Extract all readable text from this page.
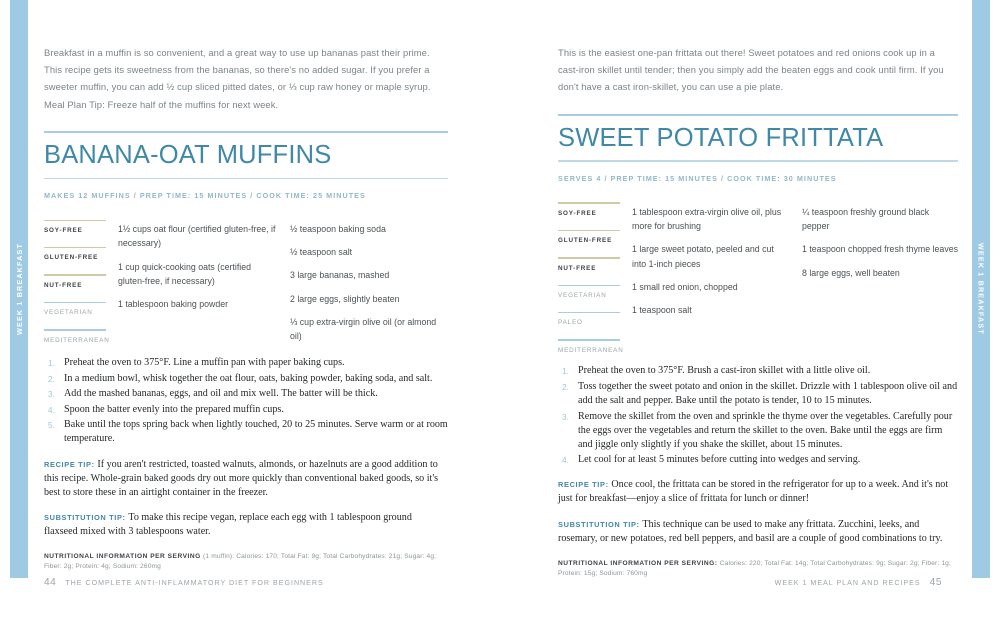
WEEK 1 BREAKFAST

Breakfast in a muffin is so convenient, and a great way to use up bananas past their prime. This recipe gets its sweetness from the bananas, so there's no added sugar. If you prefer a sweeter muffin, you can add ½ cup sliced pitted dates, or ⅓ cup raw honey or maple syrup. Meal Plan Tip: Freeze half of the muffins for next week.

BANANA-OAT MUFFINS

MAKES 12 MUFFINS / PREP TIME: 15 MINUTES / COOK TIME: 25 MINUTES

SOY-FREE
GLUTEN-FREE
NUT-FREE
VEGETARIAN
MEDITERRANEAN

1½ cups oat flour (certified gluten-free, if necessary)

1 cup quick-cooking oats (certified gluten-free, if necessary)

1 tablespoon baking powder

½ teaspoon baking soda

½ teaspoon salt

3 large bananas, mashed

2 large eggs, slightly beaten

⅓ cup extra-virgin olive oil (or almond oil)

Preheat the oven to 375°F. Line a muffin pan with paper baking cups.
In a medium bowl, whisk together the oat flour, oats, baking powder, baking soda, and salt.
Add the mashed bananas, eggs, and oil and mix well. The batter will be thick.
Spoon the batter evenly into the prepared muffin cups.
Bake until the tops spring back when lightly touched, 20 to 25 minutes. Serve warm or at room temperature.

RECIPE TIP: If you aren't restricted, toasted walnuts, almonds, or hazelnuts are a good addition to this recipe. Whole-grain baked goods dry out more quickly than conventional baked goods, so it's best to store these in an airtight container in the freezer.

SUBSTITUTION TIP: To make this recipe vegan, replace each egg with 1 tablespoon ground flaxseed mixed with 3 tablespoons water.

NUTRITIONAL INFORMATION PER SERVING (1 muffin): Calories: 170; Total Fat: 9g; Total Carbohydrates: 21g; Sugar: 4g; Fiber: 2g; Protein: 4g; Sodium: 260mg

44 THE COMPLETE ANTI-INFLAMMATORY DIET FOR BEGINNERS

This is the easiest one-pan frittata out there! Sweet potatoes and red onions cook up in a cast-iron skillet until tender; then you simply add the beaten eggs and cook until firm. If you don't have a cast iron-skillet, you can use a pie plate.

SWEET POTATO FRITTATA

SERVES 4 / PREP TIME: 15 MINUTES / COOK TIME: 30 MINUTES

SOY-FREE
GLUTEN-FREE
NUT-FREE
VEGETARIAN
PALEO
MEDITERRANEAN

1 tablespoon extra-virgin olive oil, plus more for brushing

1 large sweet potato, peeled and cut into 1-inch pieces

1 small red onion, chopped

1 teaspoon salt

¼ teaspoon freshly ground black pepper

1 teaspoon chopped fresh thyme leaves

8 large eggs, well beaten

Preheat the oven to 375°F. Brush a cast-iron skillet with a little olive oil.
Toss together the sweet potato and onion in the skillet. Drizzle with 1 tablespoon olive oil and add the salt and pepper. Bake until the potato is tender, 10 to 15 minutes.
Remove the skillet from the oven and sprinkle the thyme over the vegetables. Carefully pour the eggs over the vegetables and return the skillet to the oven. Bake until the eggs are firm and jiggle only slightly if you shake the skillet, about 15 minutes.
Let cool for at least 5 minutes before cutting into wedges and serving.

RECIPE TIP: Once cool, the frittata can be stored in the refrigerator for up to a week. And it's not just for breakfast—enjoy a slice of frittata for lunch or dinner!

SUBSTITUTION TIP: This technique can be used to make any frittata. Zucchini, leeks, and rosemary, or new potatoes, red bell peppers, and basil are a couple of good combinations to try.

NUTRITIONAL INFORMATION PER SERVING: Calories: 220; Total Fat: 14g; Total Carbohydrates: 9g; Sugar: 2g; Fiber: 1g; Protein: 15g; Sodium: 760mg

WEEK 1 MEAL PLAN AND RECIPES 45
WEEK 1 BREAKFAST
